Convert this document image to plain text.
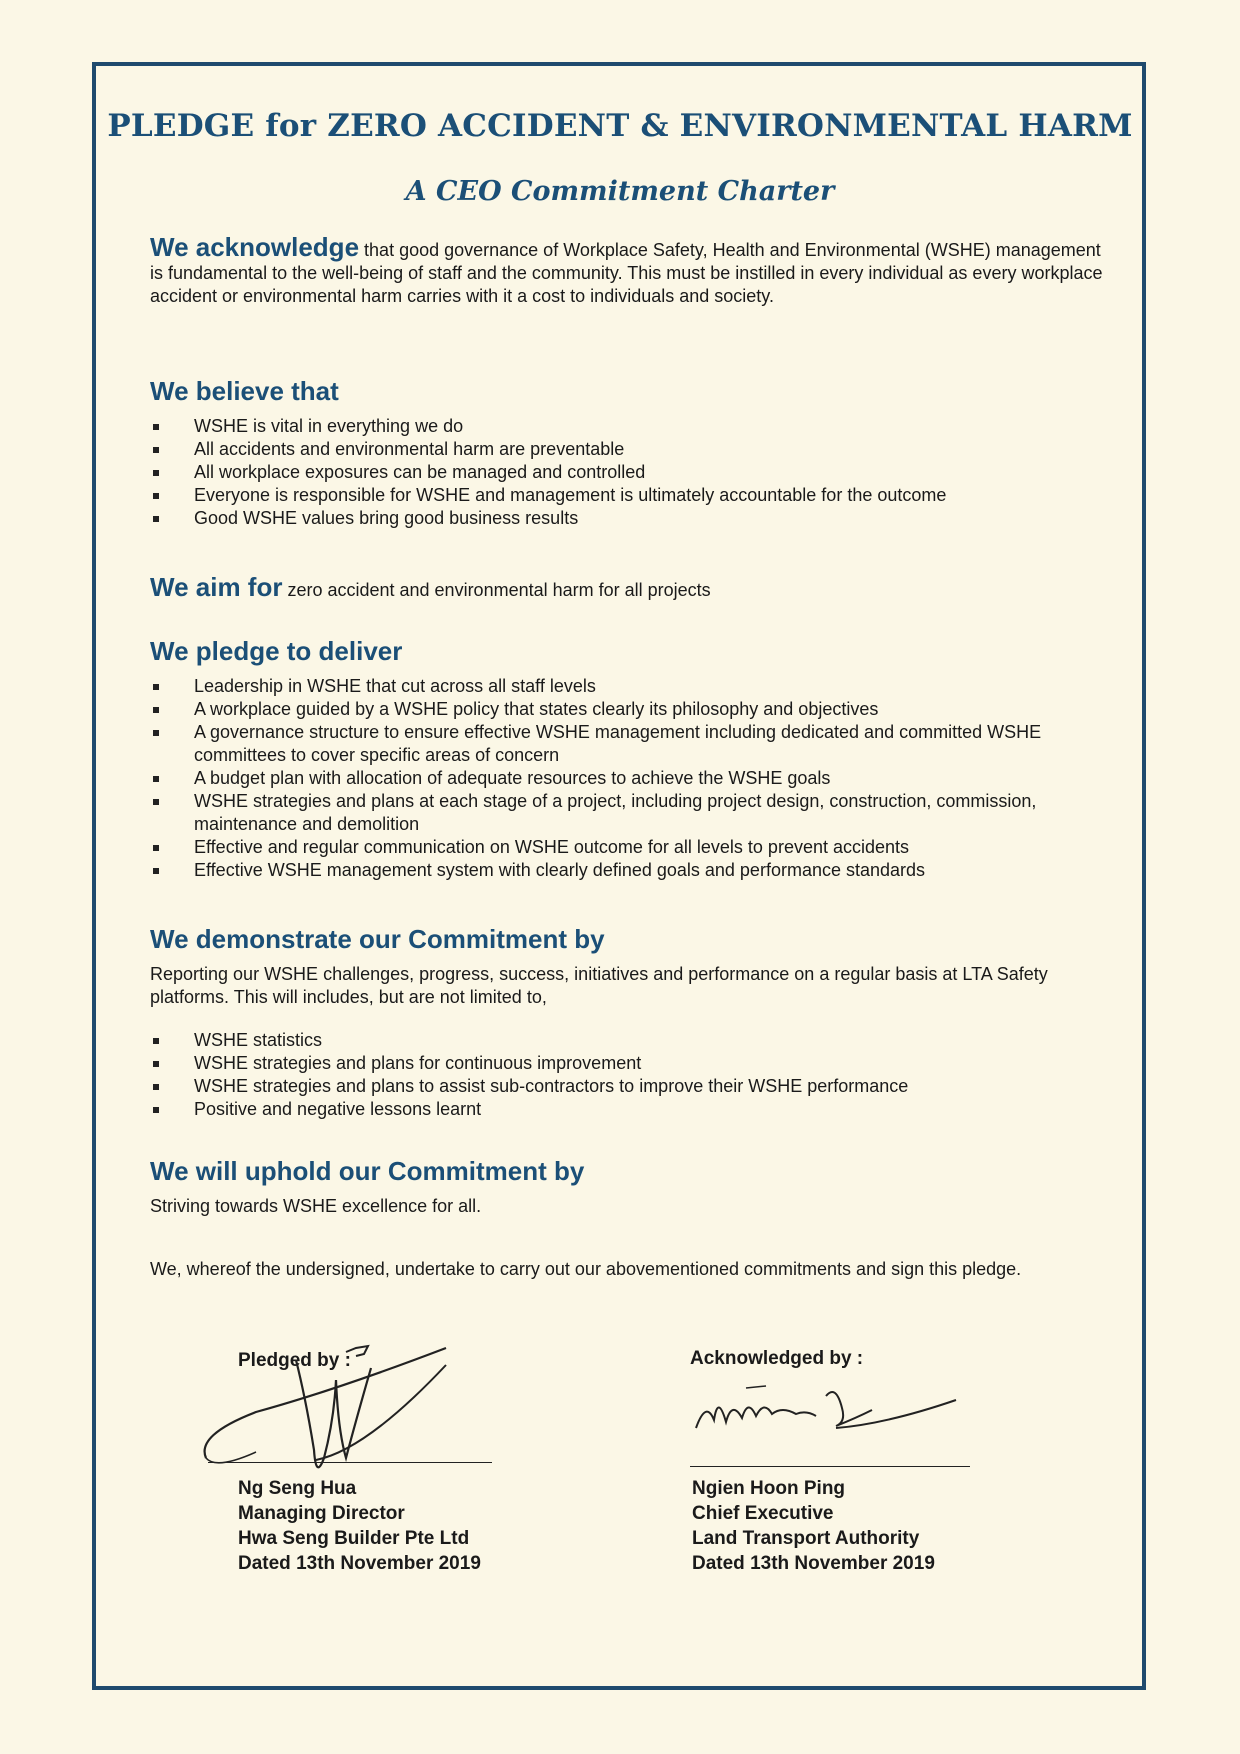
PLEDGE for ZERO ACCIDENT & ENVIRONMENTAL HARM
A CEO Commitment Charter
We acknowledge that good governance of Workplace Safety, Health and Environmental (WSHE) management is fundamental to the well-being of staff and the community. This must be instilled in every individual as every workplace accident or environmental harm carries with it a cost to individuals and society.
We believe that
WSHE is vital in everything we do
All accidents and environmental harm are preventable
All workplace exposures can be managed and controlled
Everyone is responsible for WSHE and management is ultimately accountable for the outcome
Good WSHE values bring good business results
We aim for zero accident and environmental harm for all projects
We pledge to deliver
Leadership in WSHE that cut across all staff levels
A workplace guided by a WSHE policy that states clearly its philosophy and objectives
A governance structure to ensure effective WSHE management including dedicated and committed WSHE committees to cover specific areas of concern
A budget plan with allocation of adequate resources to achieve the WSHE goals
WSHE strategies and plans at each stage of a project, including project design, construction, commission, maintenance and demolition
Effective and regular communication on WSHE outcome for all levels to prevent accidents
Effective WSHE management system with clearly defined goals and performance standards
We demonstrate our Commitment by
Reporting our WSHE challenges, progress, success, initiatives and performance on a regular basis at LTA Safety platforms. This will includes, but are not limited to,
WSHE statistics
WSHE strategies and plans for continuous improvement
WSHE strategies and plans to assist sub-contractors to improve their WSHE performance
Positive and negative lessons learnt
We will uphold our Commitment by
Striving towards WSHE excellence for all.
We, whereof the undersigned, undertake to carry out our abovementioned commitments and sign this pledge.
Pledged by :
Ng Seng Hua
Managing Director
Hwa Seng Builder Pte Ltd
Dated 13th November 2019
Acknowledged by :
Ngien Hoon Ping
Chief Executive
Land Transport Authority
Dated 13th November 2019
